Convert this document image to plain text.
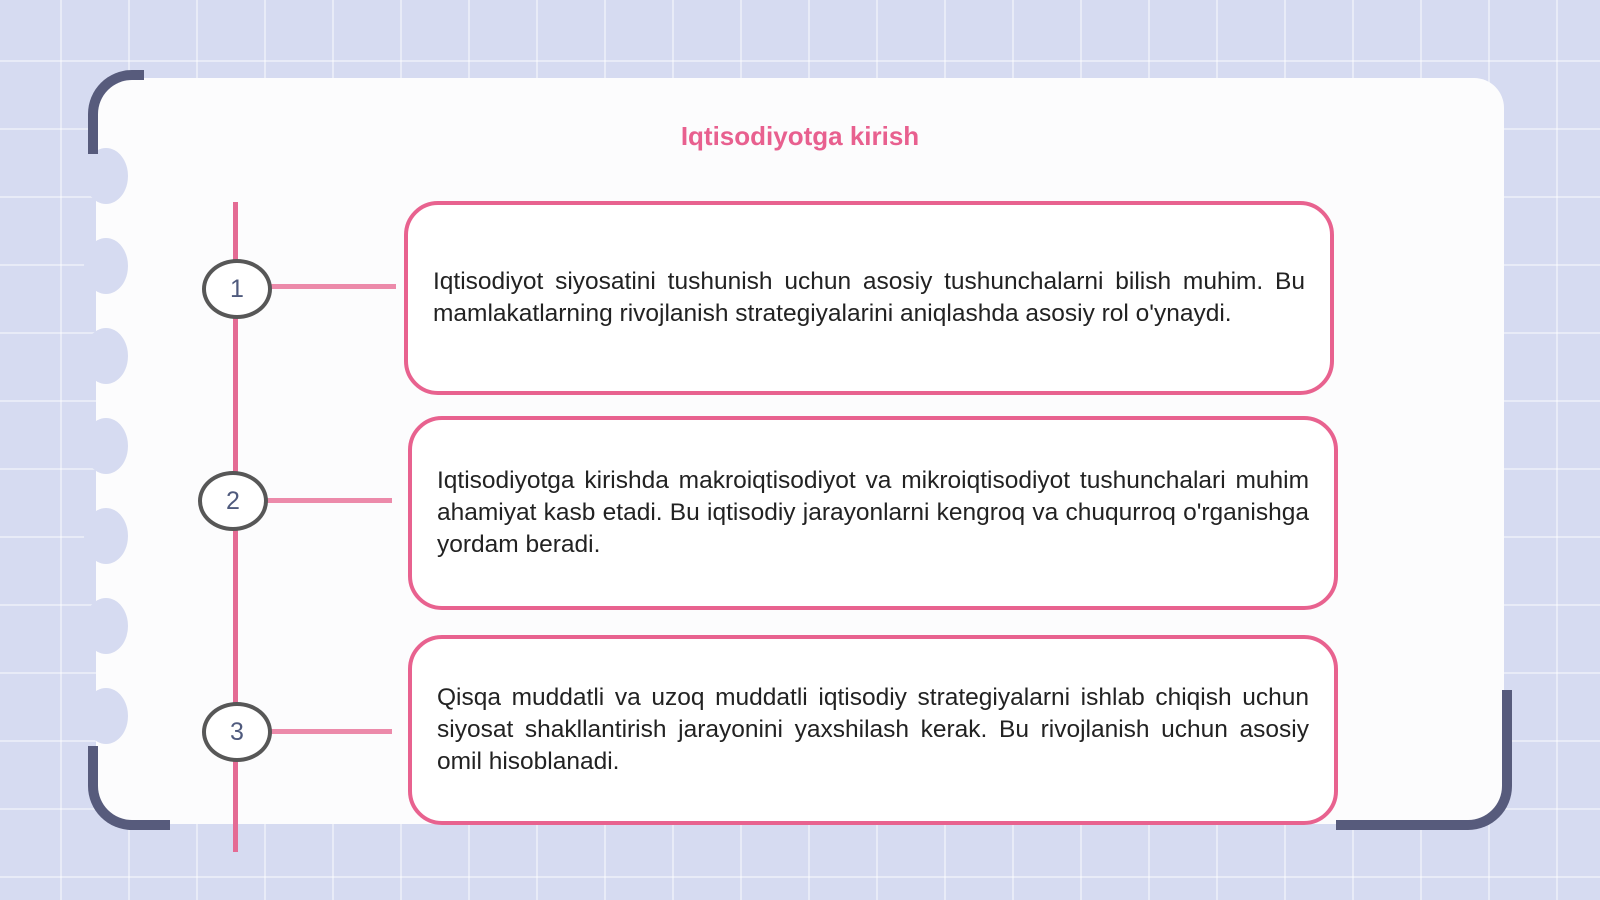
Iqtisodiyotga kirish
1
2
3
Iqtisodiyot siyosatini tushunish uchun asosiy tushunchalarni bilish muhim. Bu mamlakatlarning rivojlanish strategiyalarini aniqlashda asosiy rol o'ynaydi.
Iqtisodiyotga kirishda makroiqtisodiyot va mikroiqtisodiyot tushunchalari muhim ahamiyat kasb etadi. Bu iqtisodiy jarayonlarni kengroq va chuqurroq o'rganishga yordam beradi.
Qisqa muddatli va uzoq muddatli iqtisodiy strategiyalarni ishlab chiqish uchun siyosat shakllantirish jarayonini yaxshilash kerak. Bu rivojlanish uchun asosiy omil hisoblanadi.
